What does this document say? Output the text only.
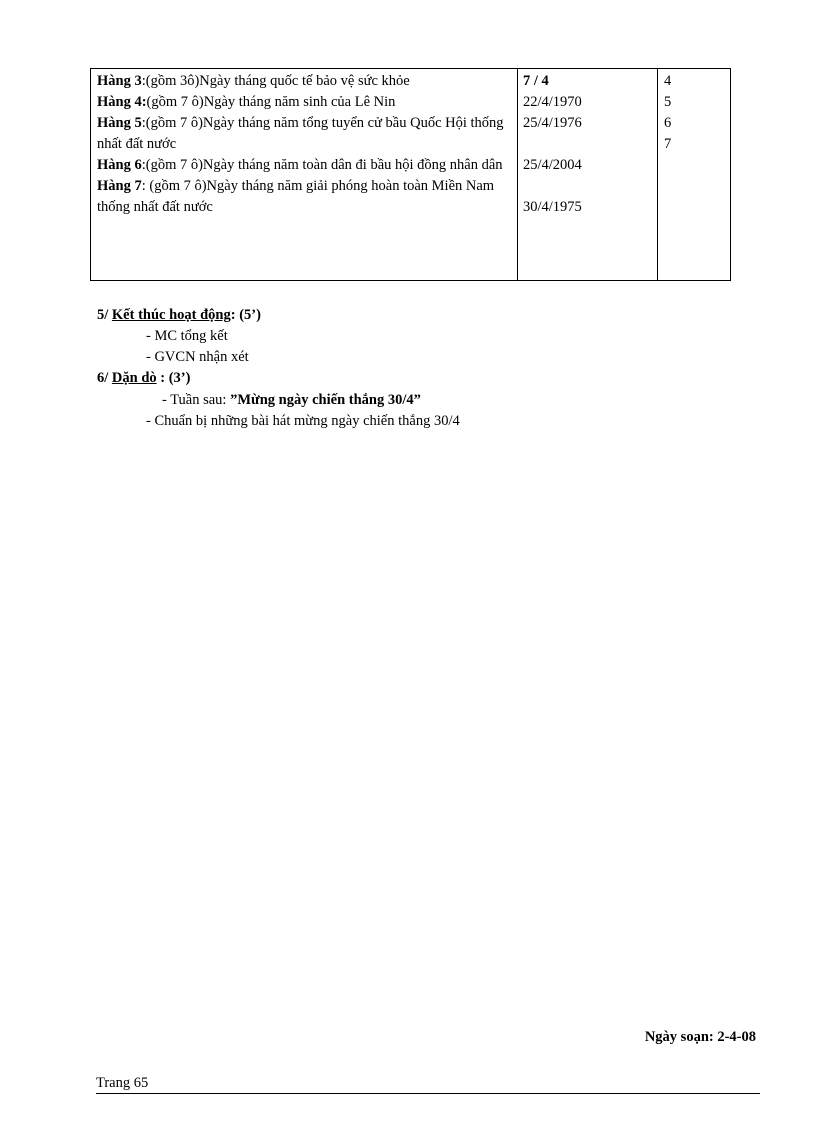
Hàng 3:(gồm 3ô)Ngày tháng quốc tế bảo vệ sức khỏe
Hàng 4:(gồm 7 ô)Ngày tháng năm sinh của Lê Nin
Hàng 5:(gồm 7 ô)Ngày tháng năm tổng tuyển cử bầu Quốc Hội thống nhất đất nước
Hàng 6:(gồm 7 ô)Ngày tháng năm toàn dân đi bầu hội đồng nhân dân
Hàng 7: (gồm 7 ô)Ngày tháng năm giải phóng hoàn toàn Miền Nam thống nhất đất nước
7 / 4
22/4/1970
25/4/1976
25/4/2004
30/4/1975
4
5
6
7
5/ Kết thúc hoạt động: (5’)
- MC tổng kết
- GVCN nhận xét
6/ Dặn dò : (3’)
- Tuần sau: ”Mừng ngày chiến thắng 30/4”
- Chuẩn bị những bài hát mừng ngày chiến thắng 30/4
Ngày soạn: 2-4-08
Trang 65
